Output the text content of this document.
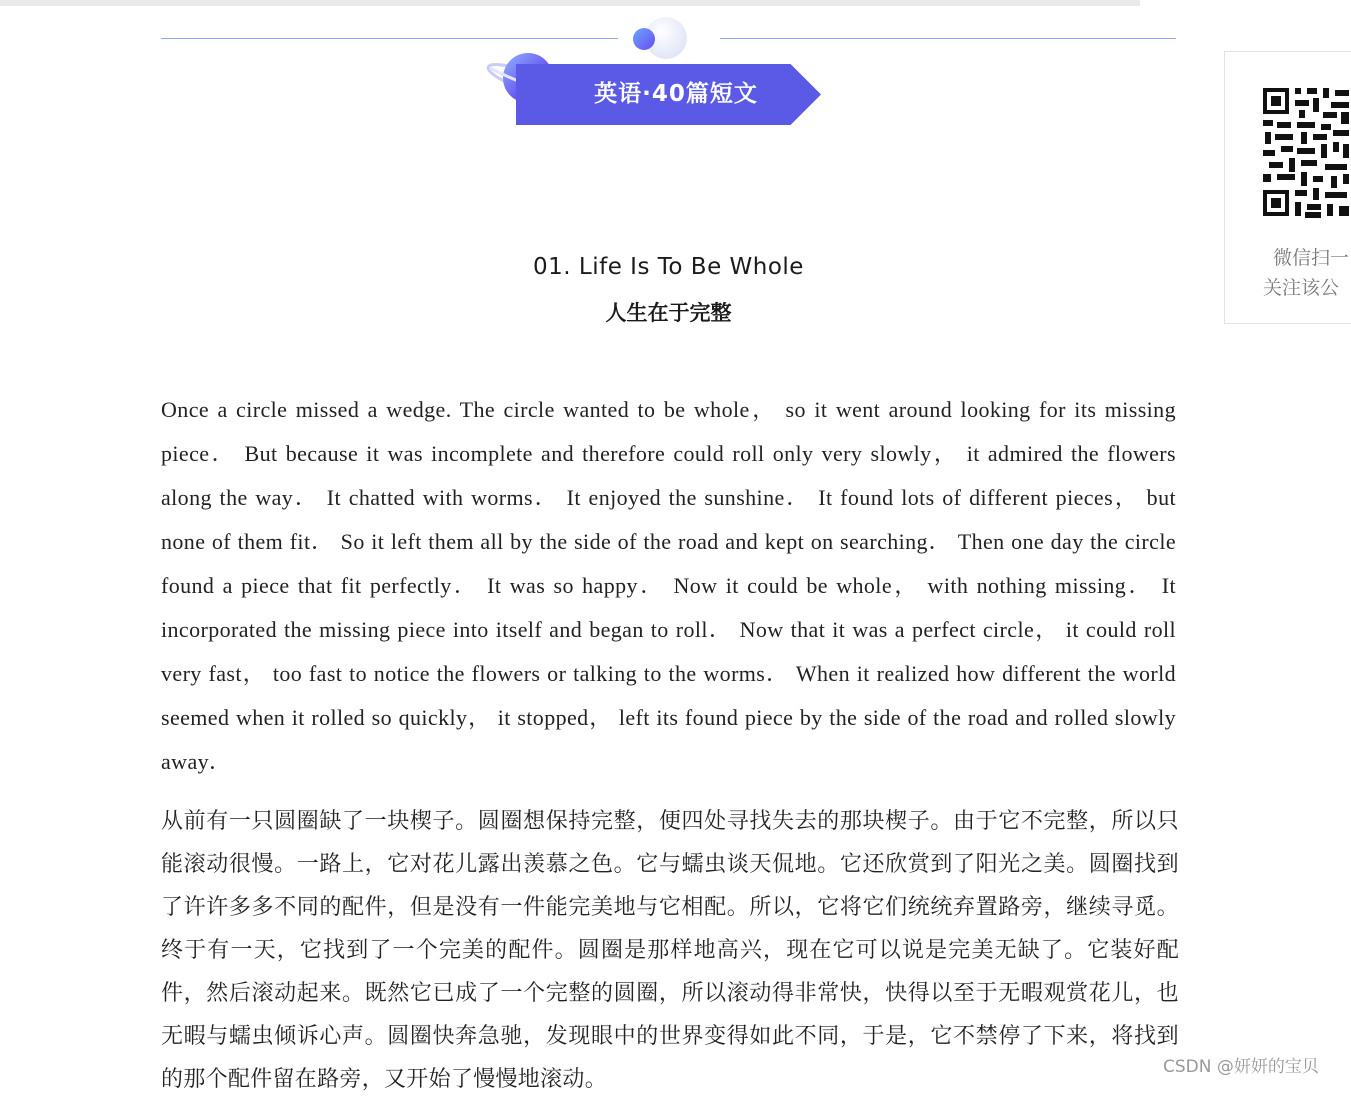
英语·40篇短文
01. Life Is To Be Whole
人生在于完整

Once a circle missed a wedge. The circle wanted to be whole， so it went around looking for its missing piece． But because it was incomplete and therefore could roll only very slowly， it admired the flowers along the way． It chatted with worms． It enjoyed the sunshine． It found lots of different pieces， but none of them fit． So it left them all by the side of the road and kept on searching． Then one day the circle found a piece that fit perfectly． It was so happy． Now it could be whole， with nothing missing． It incorporated the missing piece into itself and began to roll． Now that it was a perfect circle， it could roll very fast， too fast to notice the flowers or talking to the worms． When it realized how different the world seemed when it rolled so quickly， it stopped， left its found piece by the side of the road and rolled slowly away．

从前有一只圆圈缺了一块楔子。圆圈想保持完整，便四处寻找失去的那块楔子。由于它不完整，所以只能滚动很慢。一路上，它对花儿露出羡慕之色。它与蠕虫谈天侃地。它还欣赏到了阳光之美。圆圈找到了许许多多不同的配件，但是没有一件能完美地与它相配。所以，它将它们统统弃置路旁，继续寻觅。终于有一天，它找到了一个完美的配件。圆圈是那样地高兴，现在它可以说是完美无缺了。它装好配件，然后滚动起来。既然它已成了一个完整的圆圈，所以滚动得非常快，快得以至于无暇观赏花儿，也无暇与蠕虫倾诉心声。圆圈快奔急驰，发现眼中的世界变得如此不同，于是，它不禁停了下来，将找到的那个配件留在路旁，又开始了慢慢地滚动。

微信扫一
关注该公
CSDN @妍妍的宝贝
